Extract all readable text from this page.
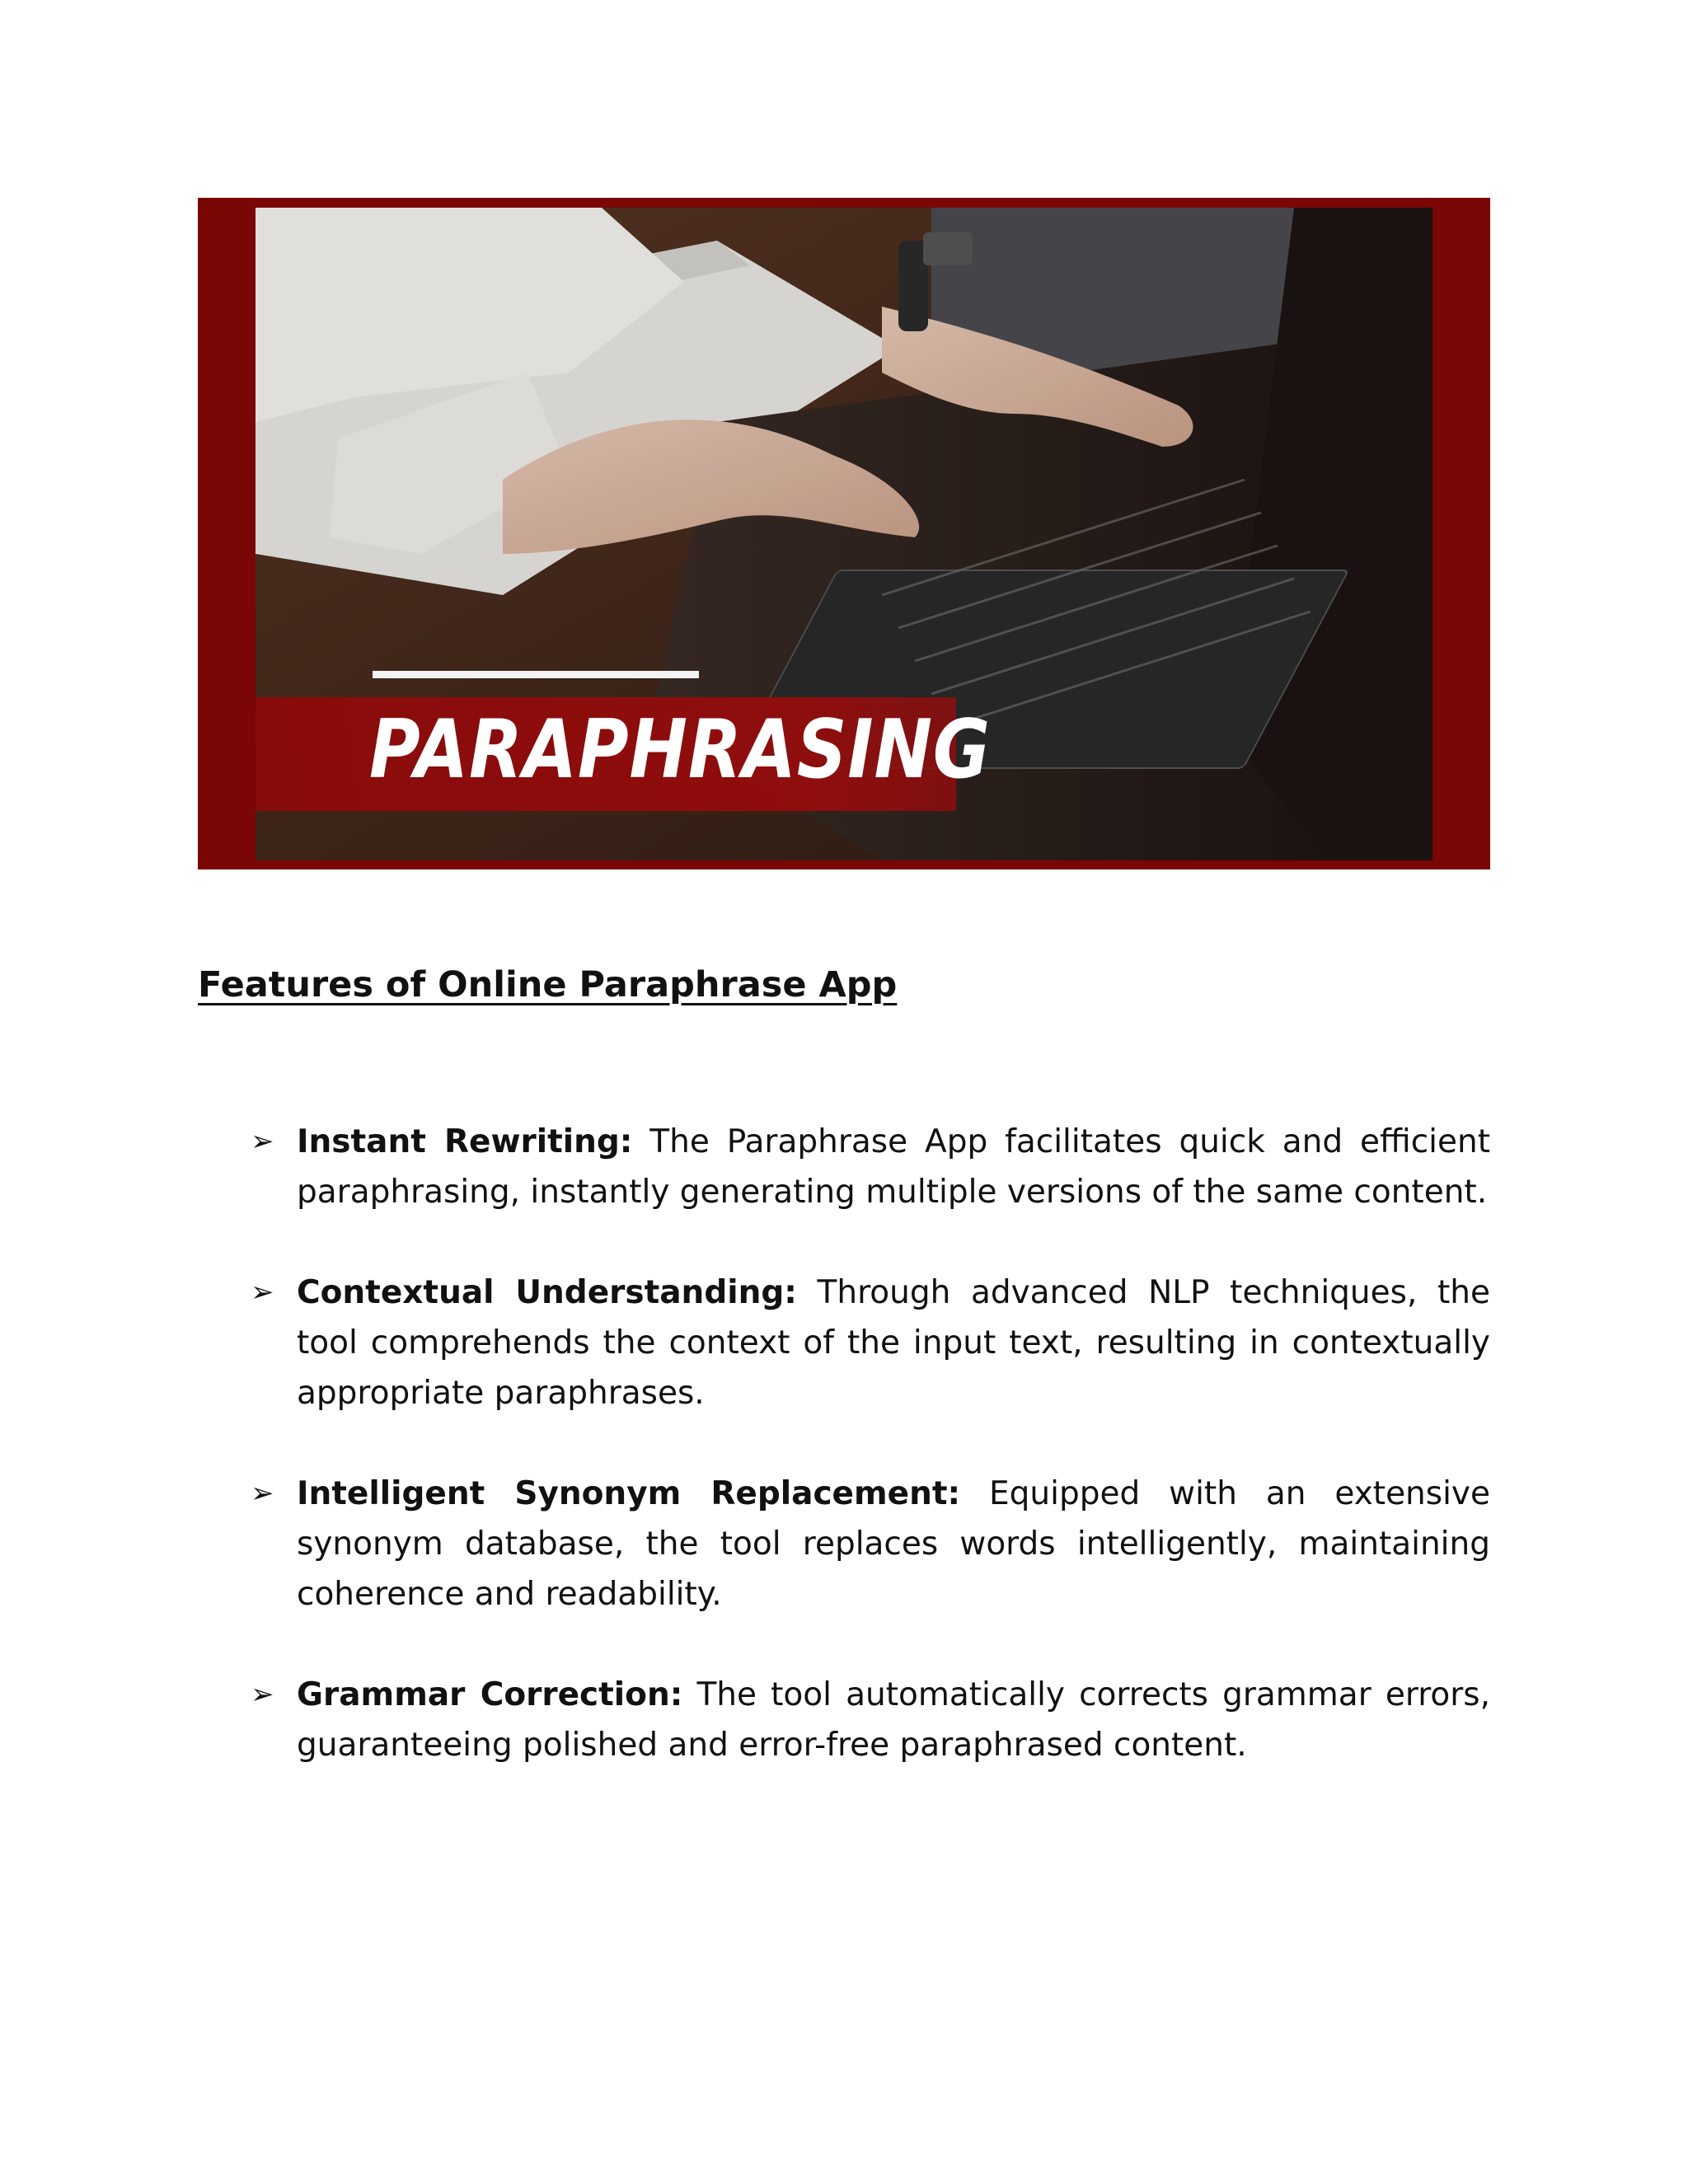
PARAPHRASING
Features of Online Paraphrase App
➢ Instant Rewriting: The Paraphrase App facilitates quick and efficient paraphrasing, instantly generating multiple versions of the same content.
➢ Contextual Understanding: Through advanced NLP techniques, the tool comprehends the context of the input text, resulting in contextually appropriate paraphrases.
➢ Intelligent Synonym Replacement: Equipped with an extensive synonym database, the tool replaces words intelligently, maintaining coherence and readability.
➢ Grammar Correction: The tool automatically corrects grammar errors, guaranteeing polished and error-free paraphrased content.
